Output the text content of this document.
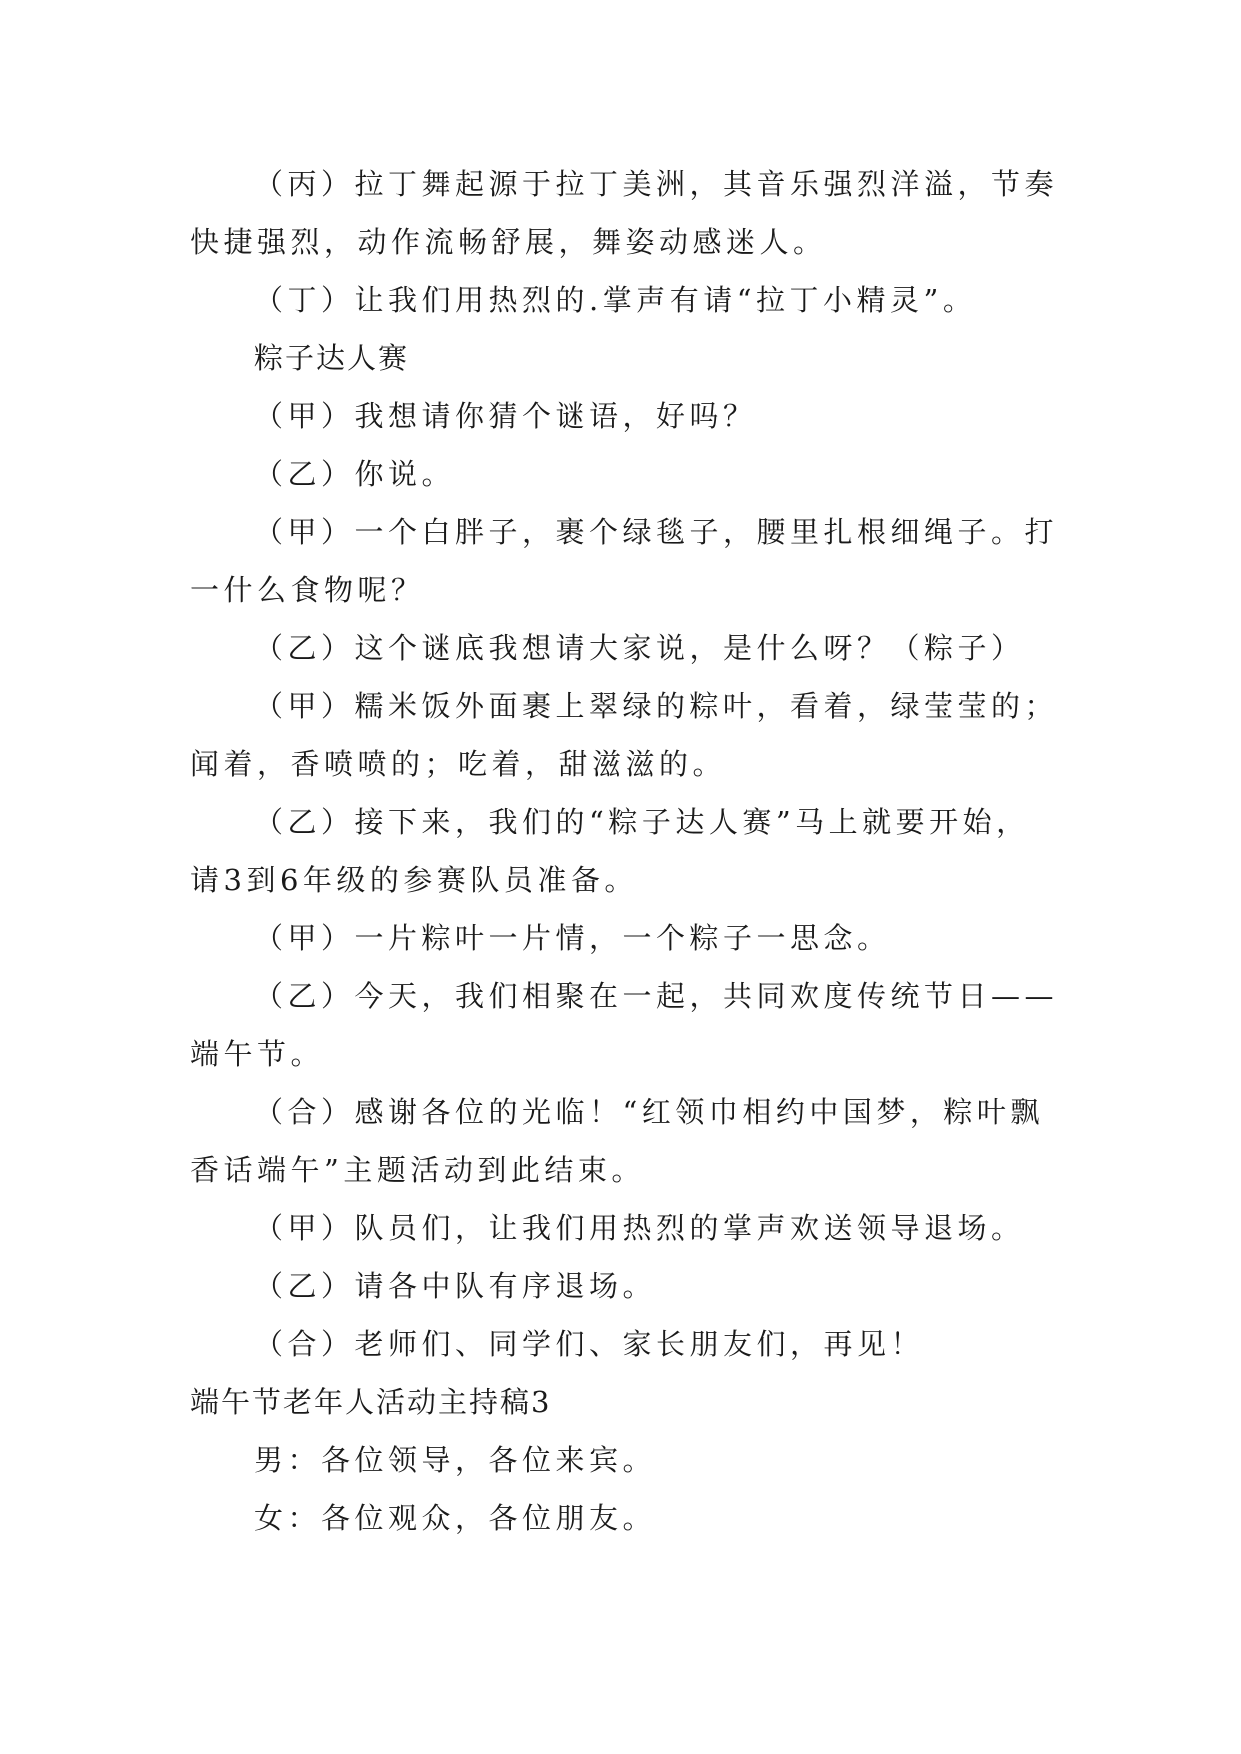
（丙）拉丁舞起源于拉丁美洲，其音乐强烈洋溢，节奏
快捷强烈，动作流畅舒展，舞姿动感迷人。
（丁）让我们用热烈的.掌声有请“拉丁小精灵”。
粽子达人赛
（甲）我想请你猜个谜语，好吗？
（乙）你说。
（甲）一个白胖子，裹个绿毯子，腰里扎根细绳子。打
一什么食物呢？
（乙）这个谜底我想请大家说，是什么呀？（粽子）
（甲）糯米饭外面裹上翠绿的粽叶，看着，绿莹莹的；
闻着，香喷喷的；吃着，甜滋滋的。
（乙）接下来，我们的“粽子达人赛”马上就要开始，
请3到6年级的参赛队员准备。
（甲）一片粽叶一片情，一个粽子一思念。
（乙）今天，我们相聚在一起，共同欢度传统节日——
端午节。
（合）感谢各位的光临！“红领巾相约中国梦，粽叶飘
香话端午”主题活动到此结束。
（甲）队员们，让我们用热烈的掌声欢送领导退场。
（乙）请各中队有序退场。
（合）老师们、同学们、家长朋友们，再见！
端午节老年人活动主持稿3
男：各位领导，各位来宾。
女：各位观众，各位朋友。
